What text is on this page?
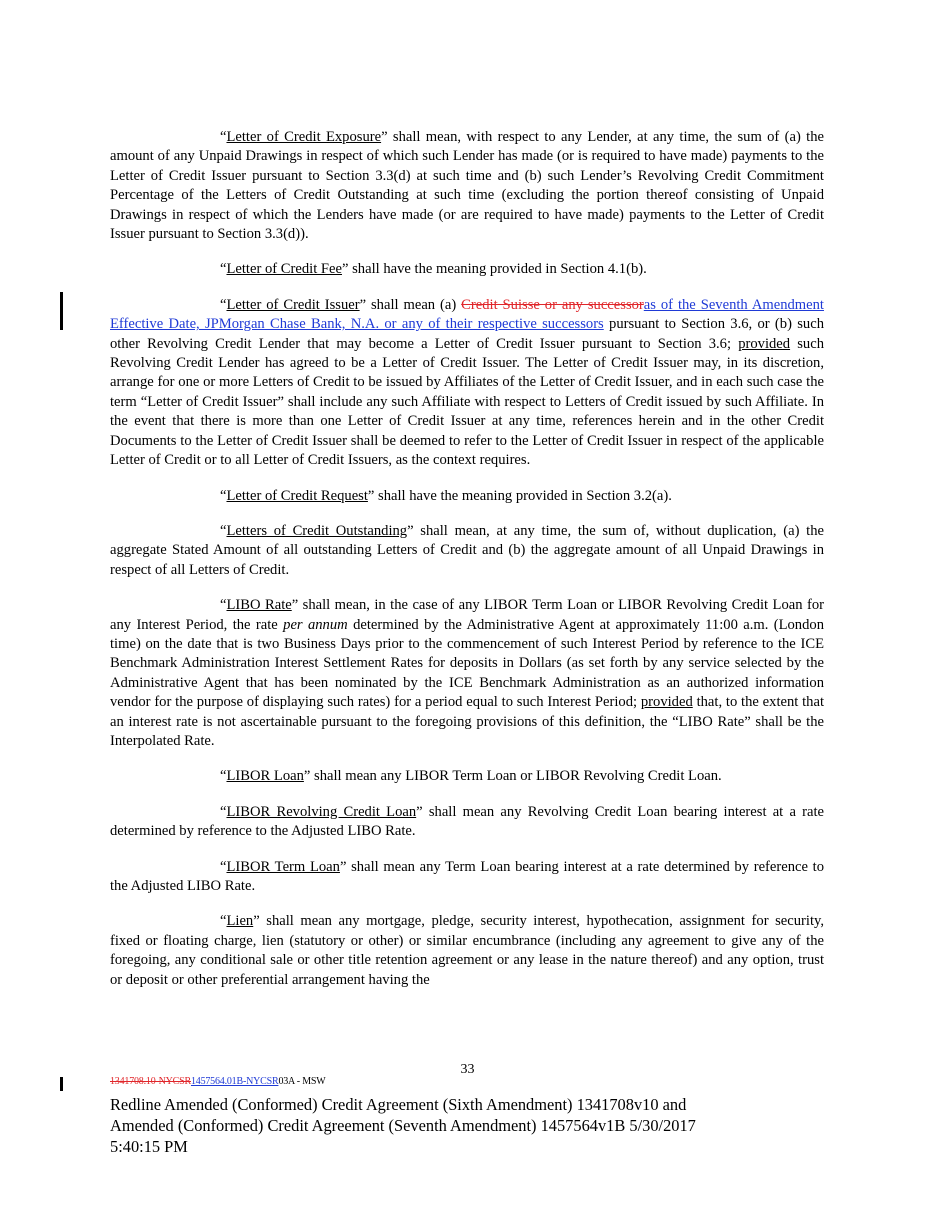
“Letter of Credit Exposure” shall mean, with respect to any Lender, at any time, the sum of (a) the amount of any Unpaid Drawings in respect of which such Lender has made (or is required to have made) payments to the Letter of Credit Issuer pursuant to Section 3.3(d) at such time and (b) such Lender’s Revolving Credit Commitment Percentage of the Letters of Credit Outstanding at such time (excluding the portion thereof consisting of Unpaid Drawings in respect of which the Lenders have made (or are required to have made) payments to the Letter of Credit Issuer pursuant to Section 3.3(d)).

“Letter of Credit Fee” shall have the meaning provided in Section 4.1(b).

“Letter of Credit Issuer” shall mean (a) Credit Suisse or any successoras of the Seventh Amendment Effective Date, JPMorgan Chase Bank, N.A. or any of their respective successors pursuant to Section 3.6, or (b) such other Revolving Credit Lender that may become a Letter of Credit Issuer pursuant to Section 3.6; provided such Revolving Credit Lender has agreed to be a Letter of Credit Issuer. The Letter of Credit Issuer may, in its discretion, arrange for one or more Letters of Credit to be issued by Affiliates of the Letter of Credit Issuer, and in each such case the term “Letter of Credit Issuer” shall include any such Affiliate with respect to Letters of Credit issued by such Affiliate. In the event that there is more than one Letter of Credit Issuer at any time, references herein and in the other Credit Documents to the Letter of Credit Issuer shall be deemed to refer to the Letter of Credit Issuer in respect of the applicable Letter of Credit or to all Letter of Credit Issuers, as the context requires.

“Letter of Credit Request” shall have the meaning provided in Section 3.2(a).

“Letters of Credit Outstanding” shall mean, at any time, the sum of, without duplication, (a) the aggregate Stated Amount of all outstanding Letters of Credit and (b) the aggregate amount of all Unpaid Drawings in respect of all Letters of Credit.

“LIBO Rate” shall mean, in the case of any LIBOR Term Loan or LIBOR Revolving Credit Loan for any Interest Period, the rate per annum determined by the Administrative Agent at approximately 11:00 a.m. (London time) on the date that is two Business Days prior to the commencement of such Interest Period by reference to the ICE Benchmark Administration Interest Settlement Rates for deposits in Dollars (as set forth by any service selected by the Administrative Agent that has been nominated by the ICE Benchmark Administration as an authorized information vendor for the purpose of displaying such rates) for a period equal to such Interest Period; provided that, to the extent that an interest rate is not ascertainable pursuant to the foregoing provisions of this definition, the “LIBO Rate” shall be the Interpolated Rate.

“LIBOR Loan” shall mean any LIBOR Term Loan or LIBOR Revolving Credit Loan.

“LIBOR Revolving Credit Loan” shall mean any Revolving Credit Loan bearing interest at a rate determined by reference to the Adjusted LIBO Rate.

“LIBOR Term Loan” shall mean any Term Loan bearing interest at a rate determined by reference to the Adjusted LIBO Rate.

“Lien” shall mean any mortgage, pledge, security interest, hypothecation, assignment for security, fixed or floating charge, lien (statutory or other) or similar encumbrance (including any agreement to give any of the foregoing, any conditional sale or other title retention agreement or any lease in the nature thereof) and any option, trust or deposit or other preferential arrangement having the

33
1341708.10-NYCSR1457564.01B-NYCSR03A - MSW
Redline Amended (Conformed) Credit Agreement (Sixth Amendment) 1341708v10 and
Amended (Conformed) Credit Agreement (Seventh Amendment) 1457564v1B 5/30/2017
5:40:15 PM
